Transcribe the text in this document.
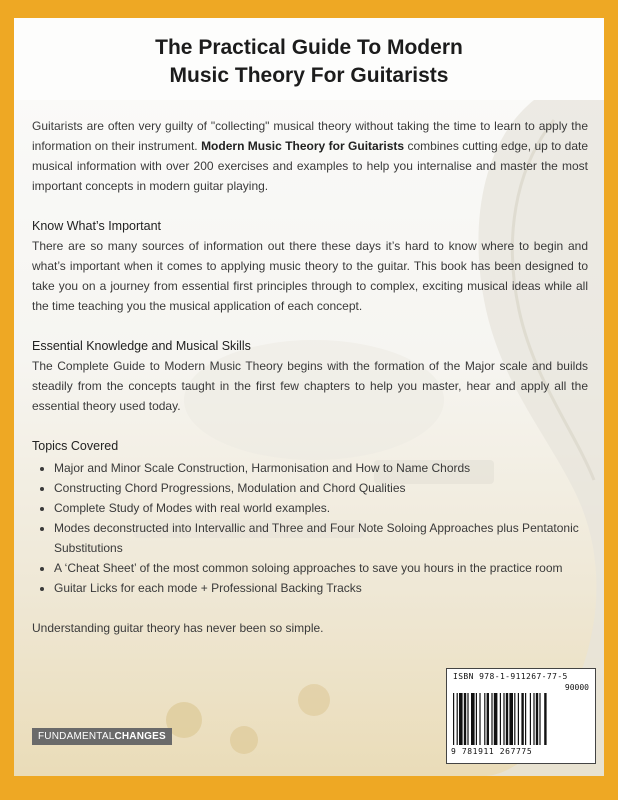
The Practical Guide To Modern
Music Theory For Guitarists

Guitarists are often very guilty of "collecting" musical theory without taking the time to learn to apply the information on their instrument. Modern Music Theory for Guitarists combines cutting edge, up to date musical information with over 200 exercises and examples to help you internalise and master the most important concepts in modern guitar playing.

Know What’s Important

There are so many sources of information out there these days it’s hard to know where to begin and what’s important when it comes to applying music theory to the guitar. This book has been designed to take you on a journey from essential first principles through to complex, exciting musical ideas while all the time teaching you the musical application of each concept.

Essential Knowledge and Musical Skills

The Complete Guide to Modern Music Theory begins with the formation of the Major scale and builds steadily from the concepts taught in the first few chapters to help you master, hear and apply all the essential theory used today.

Topics Covered

• Major and Minor Scale Construction, Harmonisation and How to Name Chords
• Constructing Chord Progressions, Modulation and Chord Qualities
• Complete Study of Modes with real world examples.
• Modes deconstructed into Intervallic and Three and Four Note Soloing Approaches plus Pentatonic Substitutions
• A ‘Cheat Sheet’ of the most common soloing approaches to save you hours in the practice room
• Guitar Licks for each mode + Professional Backing Tracks

Understanding guitar theory has never been so simple.

FUNDAMENTALCHANGES
ISBN 978-1-911267-77-5
90000
9 781911 267775
